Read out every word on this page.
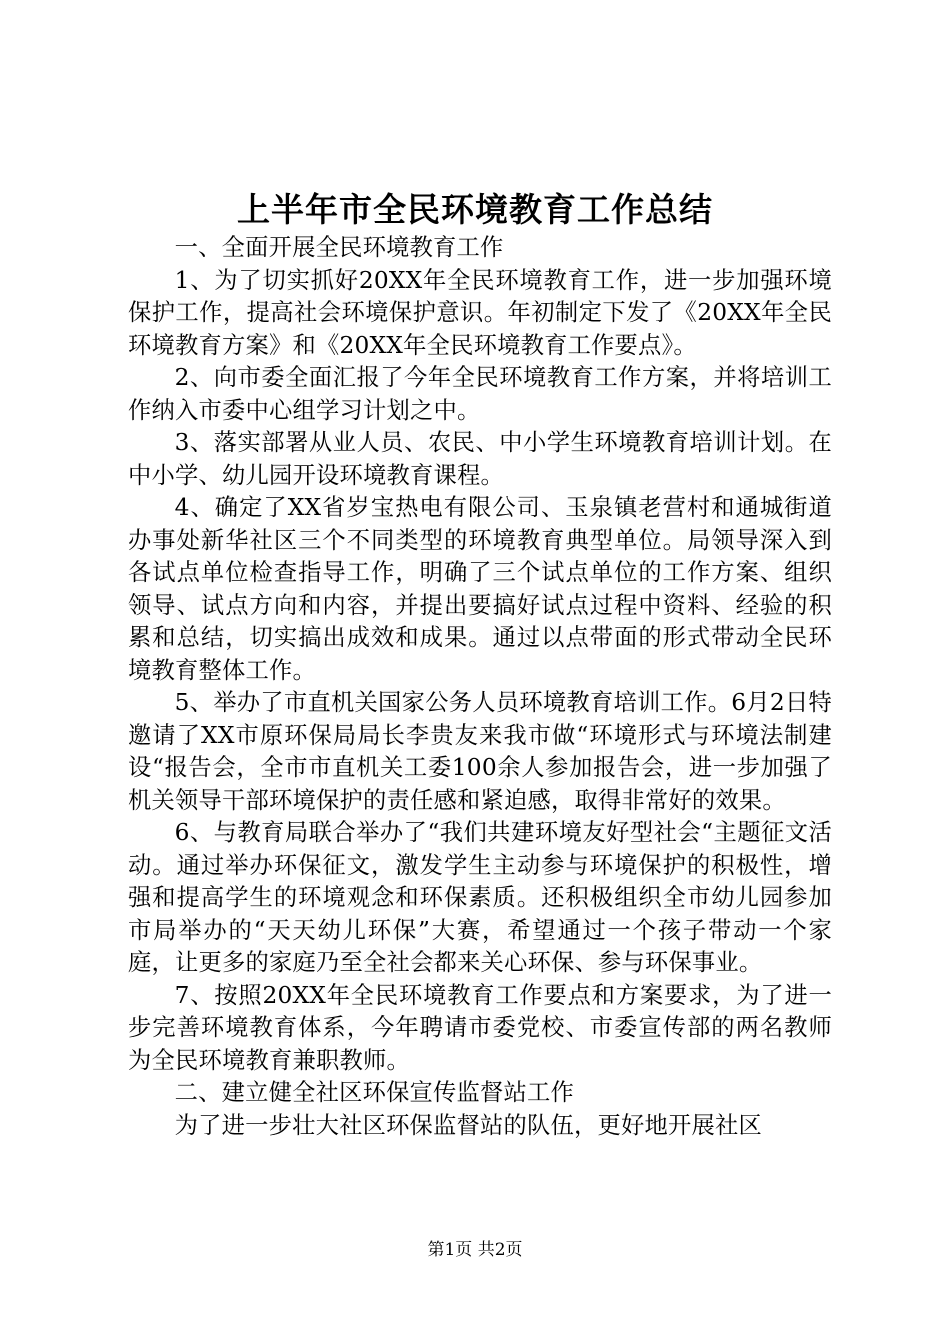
上半年市全民环境教育工作总结

一、全面开展全民环境教育工作

1、为了切实抓好20XX年全民环境教育工作，进一步加强环境保护工作，提高社会环境保护意识。年初制定下发了《20XX年全民环境教育方案》和《20XX年全民环境教育工作要点》。

2、向市委全面汇报了今年全民环境教育工作方案，并将培训工作纳入市委中心组学习计划之中。

3、落实部署从业人员、农民、中小学生环境教育培训计划。在中小学、幼儿园开设环境教育课程。

4、确定了XX省岁宝热电有限公司、玉泉镇老营村和通城街道办事处新华社区三个不同类型的环境教育典型单位。局领导深入到各试点单位检查指导工作，明确了三个试点单位的工作方案、组织领导、试点方向和内容，并提出要搞好试点过程中资料、经验的积累和总结，切实搞出成效和成果。通过以点带面的形式带动全民环境教育整体工作。

5、举办了市直机关国家公务人员环境教育培训工作。6月2日特邀请了XX市原环保局局长李贵友来我市做“环境形式与环境法制建设“报告会，全市市直机关工委100余人参加报告会，进一步加强了机关领导干部环境保护的责任感和紧迫感，取得非常好的效果。

6、与教育局联合举办了“我们共建环境友好型社会“主题征文活动。通过举办环保征文，激发学生主动参与环境保护的积极性，增强和提高学生的环境观念和环保素质。还积极组织全市幼儿园参加市局举办的“天天幼儿环保”大赛，希望通过一个孩子带动一个家庭，让更多的家庭乃至全社会都来关心环保、参与环保事业。

7、按照20XX年全民环境教育工作要点和方案要求，为了进一步完善环境教育体系，今年聘请市委党校、市委宣传部的两名教师为全民环境教育兼职教师。

二、建立健全社区环保宣传监督站工作

为了进一步壮大社区环保监督站的队伍，更好地开展社区

第1页 共2页
